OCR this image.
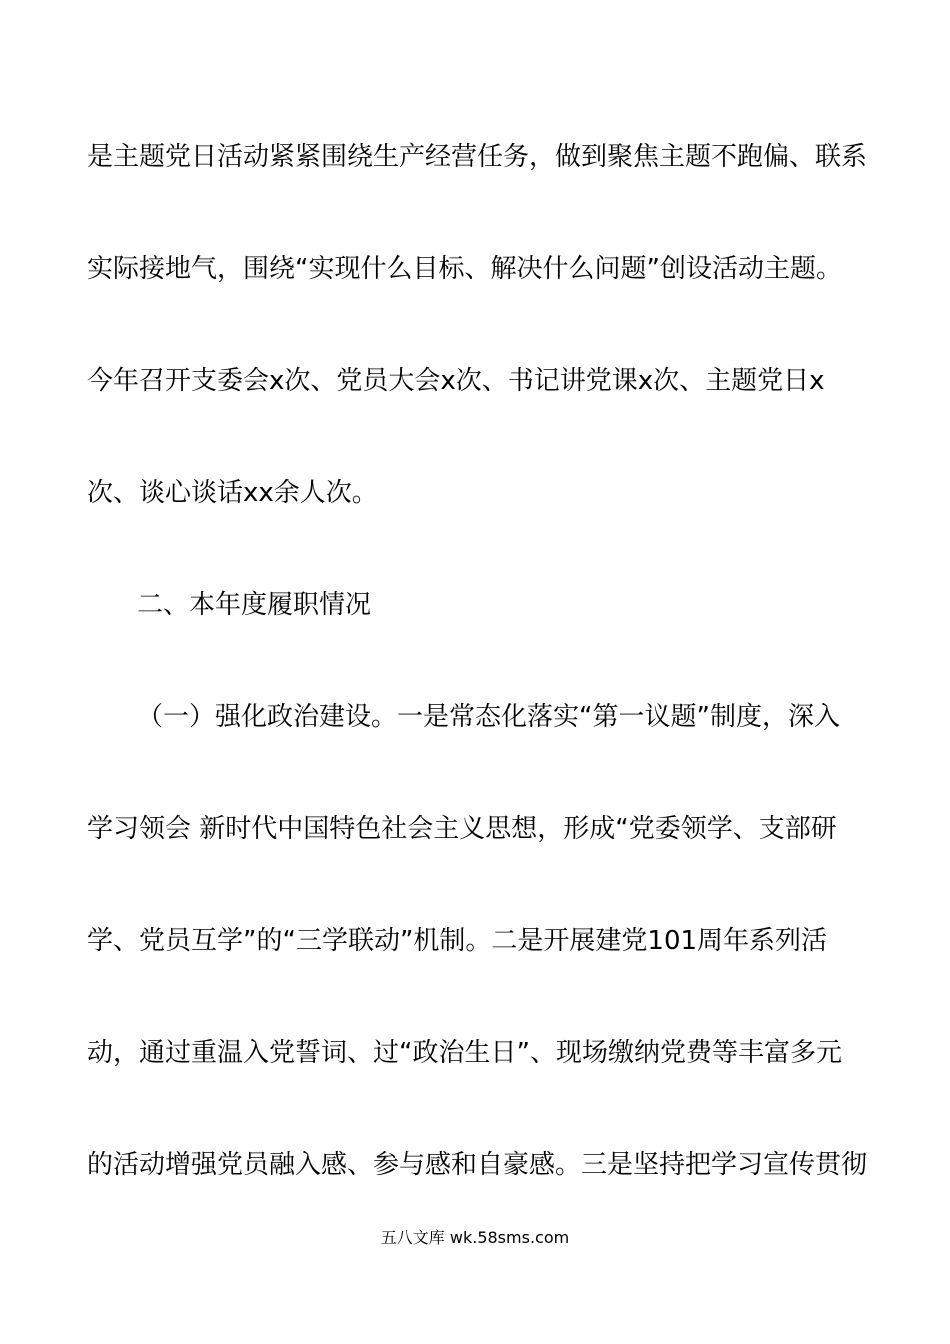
是主题党日活动紧紧围绕生产经营任务，做到聚焦主题不跑偏、联系
实际接地气，围绕“实现什么目标、解决什么问题”创设活动主题。
今年召开支委会x次、党员大会x次、书记讲党课x次、主题党日x
次、谈心谈话xx余人次。
二、本年度履职情况
（一）强化政治建设。一是常态化落实“第一议题”制度，深入
学习领会 新时代中国特色社会主义思想，形成“党委领学、支部研
学、党员互学”的“三学联动”机制。二是开展建党101周年系列活
动，通过重温入党誓词、过“政治生日”、现场缴纳党费等丰富多元
的活动增强党员融入感、参与感和自豪感。三是坚持把学习宣传贯彻
五八文库 wk.58sms.com
